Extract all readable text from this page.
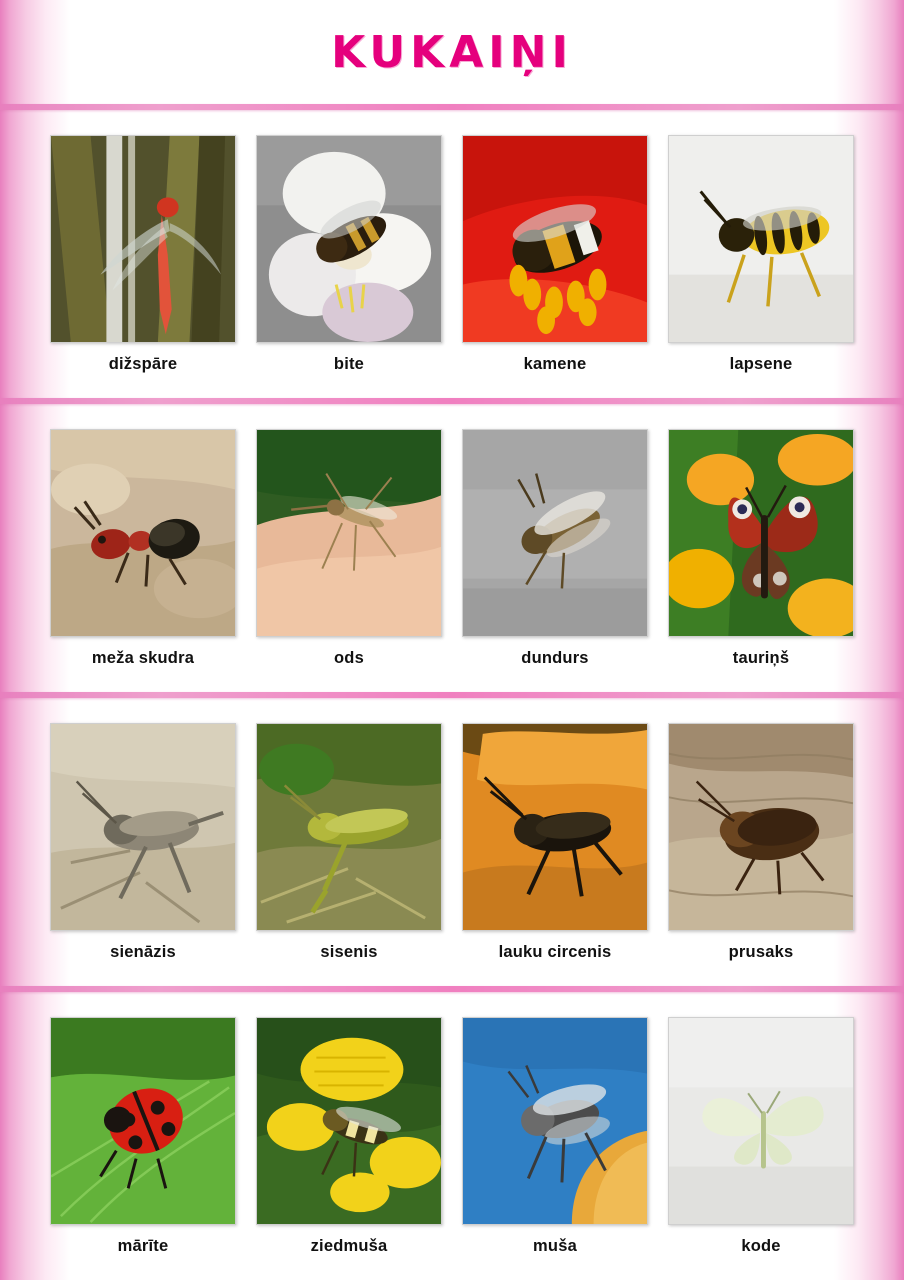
KUKAIŅI
dižspāre	bite	kamene	lapsene
meža skudra	ods	dundurs	tauriņš
sienāzis	sisenis	lauku circenis	prusaks
mārīte	ziedmuša	muša	kode
